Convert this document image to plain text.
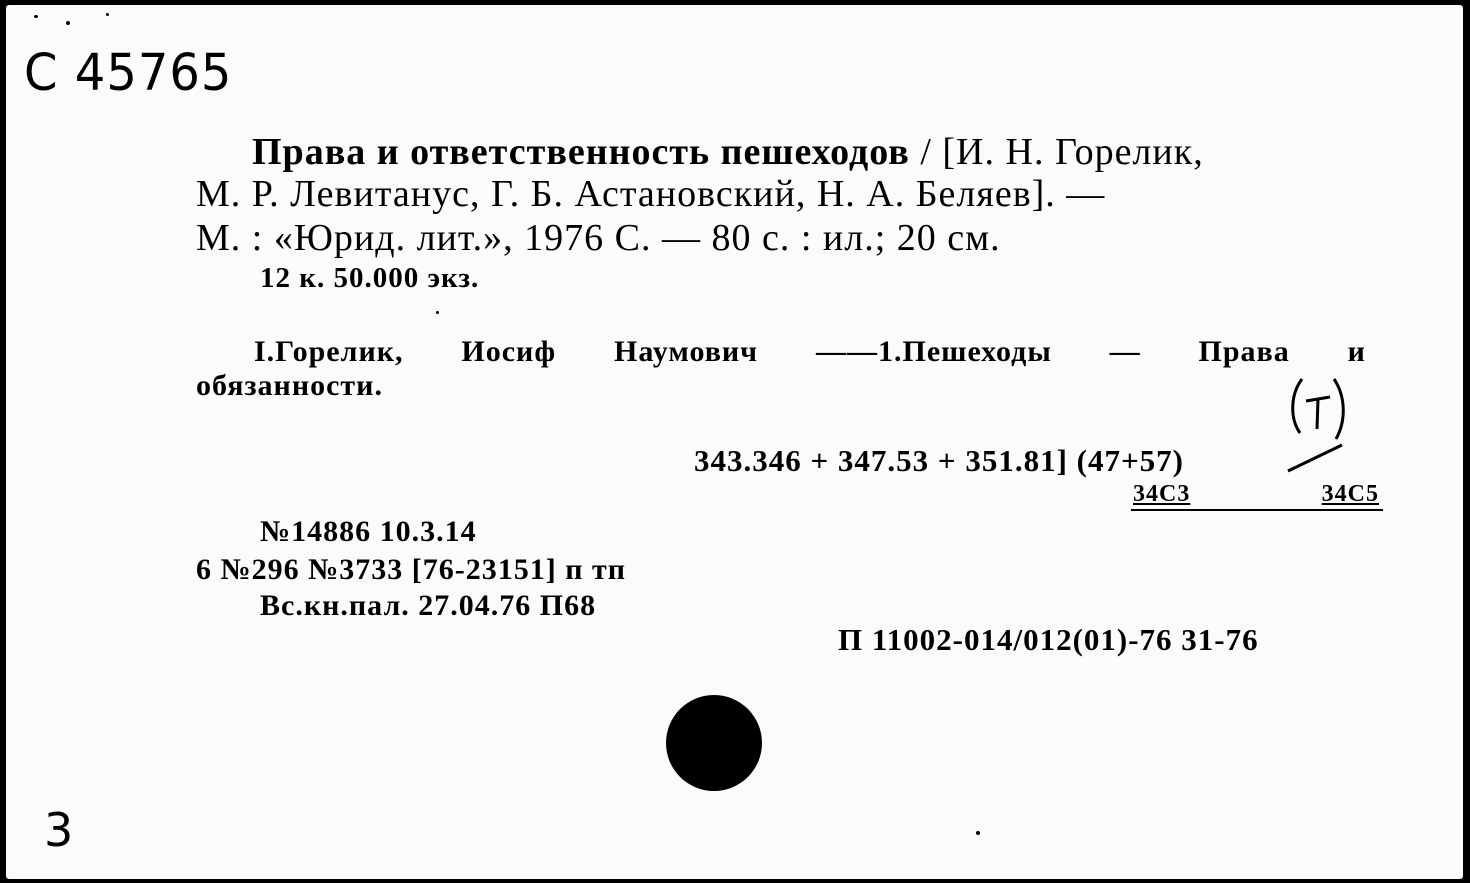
С 45765
Права и ответственность пешеходов / [И. Н. Горелик,
М. Р. Левитанус, Г. Б. Астановский, Н. А. Беляев]. —
М. : «Юрид. лит.», 1976 С. — 80 с. : ил.; 20 см.
12 к. 50.000 экз.
I.Горелик, Иосиф Наумович ——1.Пешеходы — Права и
обязанности.
343.346 + 347.53 + 351.81] (47+57)
Т
34С3	34С5
№14886 10.3.14
6 №296 №3733 [76-23151] п тп
Вс.кн.пал. 27.04.76 П68
П 11002-014/012(01)-76 31-76
3
